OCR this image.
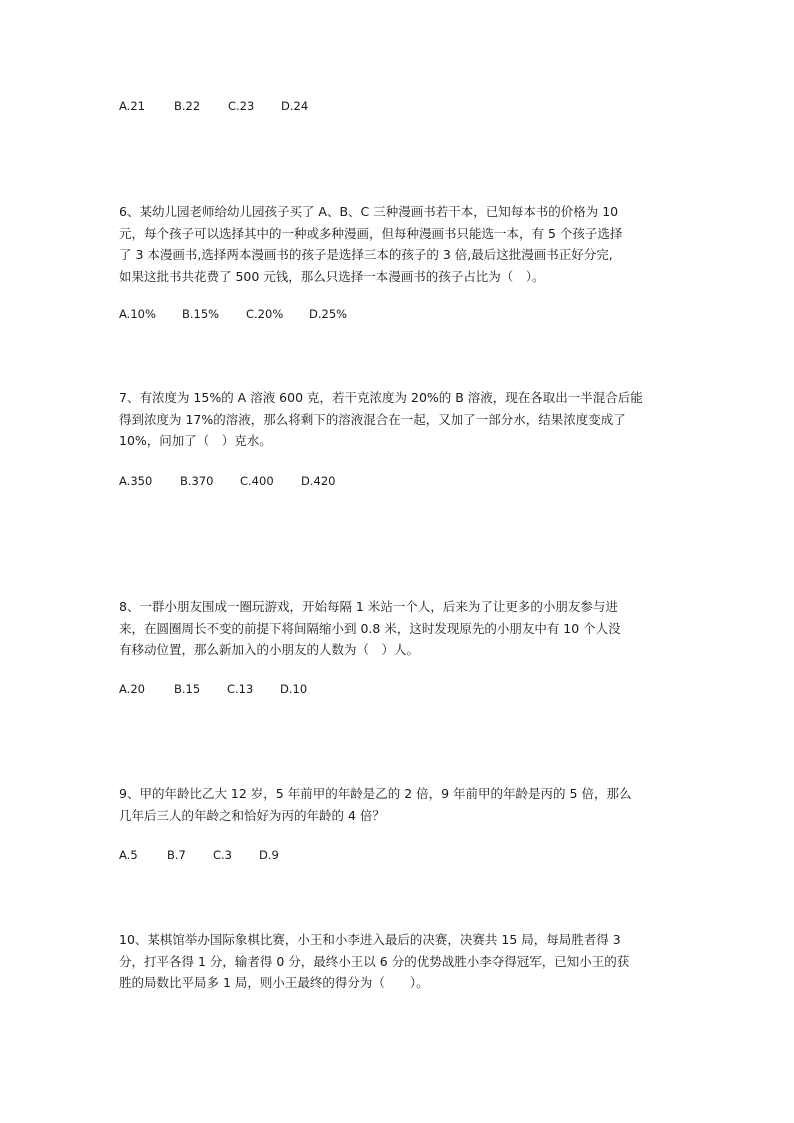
A.21	B.22 C.23 D.24
6、某幼儿园老师给幼儿园孩子买了 A、B、C 三种漫画书若干本，已知每本书的价格为 10
元，每个孩子可以选择其中的一种或多种漫画，但每种漫画书只能选一本，有 5 个孩子选择
了 3 本漫画书,选择两本漫画书的孩子是选择三本的孩子的 3 倍,最后这批漫画书正好分完,
如果这批书共花费了 500 元钱，那么只选择一本漫画书的孩子占比为（　）。
A.10% B.15% C.20% D.25%
7、有浓度为 15%的 A 溶液 600 克，若干克浓度为 20%的 B 溶液，现在各取出一半混合后能
得到浓度为 17%的溶液，那么将剩下的溶液混合在一起，又加了一部分水，结果浓度变成了
10%，问加了（　）克水。
A.350 B.370 C.400 D.420
8、一群小朋友围成一圈玩游戏，开始每隔 1 米站一个人，后来为了让更多的小朋友参与进
来，在圆圈周长不变的前提下将间隔缩小到 0.8 米，这时发现原先的小朋友中有 10 个人没
有移动位置，那么新加入的小朋友的人数为（　）人。
A.20	B.15 C.13 D.10
9、甲的年龄比乙大 12 岁，5 年前甲的年龄是乙的 2 倍，9 年前甲的年龄是丙的 5 倍，那么
几年后三人的年龄之和恰好为丙的年龄的 4 倍？
A.5	B.7 C.3 D.9
10、某棋馆举办国际象棋比赛，小王和小李进入最后的决赛，决赛共 15 局，每局胜者得 3
分，打平各得 1 分，输者得 0 分，最终小王以 6 分的优势战胜小李夺得冠军，已知小王的获
胜的局数比平局多 1 局，则小王最终的得分为（　　）。
